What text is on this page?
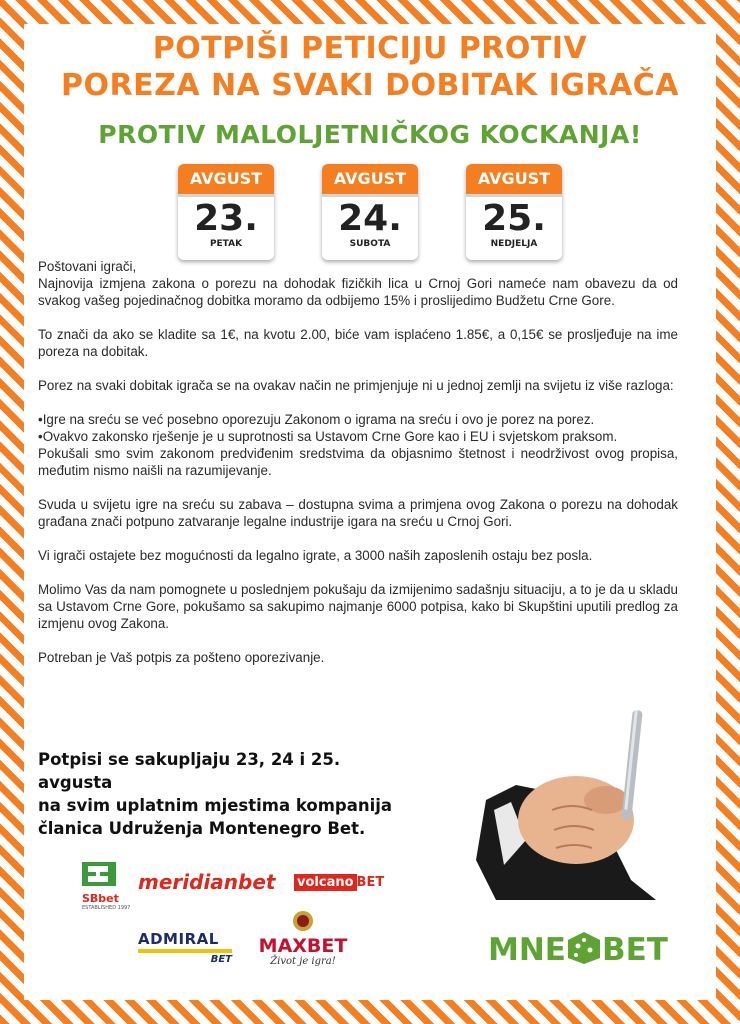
POTPIŠI PETICIJU PROTIV
POREZA NA SVAKI DOBITAK IGRAČA
PROTIV MALOLJETNIČKOG KOCKANJA!
AVGUST
23.
PETAK
AVGUST
24.
SUBOTA
AVGUST
25.
NEDJELJA

Poštovani igrači,

Najnovija izmjena zakona o porezu na dohodak fizičkih lica u Crnoj Gori nameće nam obavezu da od svakog vašeg pojedinačnog dobitka moramo da odbijemo 15% i proslijedimo Budžetu Crne Gore.

To znači da ako se kladite sa 1€, na kvotu 2.00, biće vam isplaćeno 1.85€, a 0,15€ se prosljeđuje na ime poreza na dobitak.

Porez na svaki dobitak igrača se na ovakav način ne primjenjuje ni u jednoj zemlji na svijetu iz više razloga:

•Igre na sreću se već posebno oporezuju Zakonom o igrama na sreću i ovo je porez na porez.

•Ovakvo zakonsko rješenje je u suprotnosti sa Ustavom Crne Gore kao i EU i svjetskom praksom.

Pokušali smo svim zakonom predviđenim sredstvima da objasnimo štetnost i neodrživost ovog propisa, međutim nismo naišli na razumijevanje.

Svuda u svijetu igre na sreću su zabava – dostupna svima a primjena ovog Zakona o porezu na dohodak građana znači potpuno zatvaranje legalne industrije igara na sreću u Crnoj Gori.

Vi igrači ostajete bez mogućnosti da legalno igrate, a 3000 naših zaposlenih ostaju bez posla.

Molimo Vas da nam pomognete u poslednjem pokušaju da izmijenimo sadašnju situaciju, a to je da u skladu sa Ustavom Crne Gore, pokušamo sa sakupimo najmanje 6000 potpisa, kako bi Skupštini uputili predlog za izmjenu ovog Zakona.

Potreban je Vaš potpis za pošteno oporezivanje.

Potpisi se sakupljaju 23, 24 i 25. avgusta
na svim uplatnim mjestima kompanija
članica Udruženja Montenegro Bet.
SBbet
ESTABLISHED 1997
meridianbet volcano BET
ADMIRAL
BET
MAXBET
Život je igra!	MNE BET
